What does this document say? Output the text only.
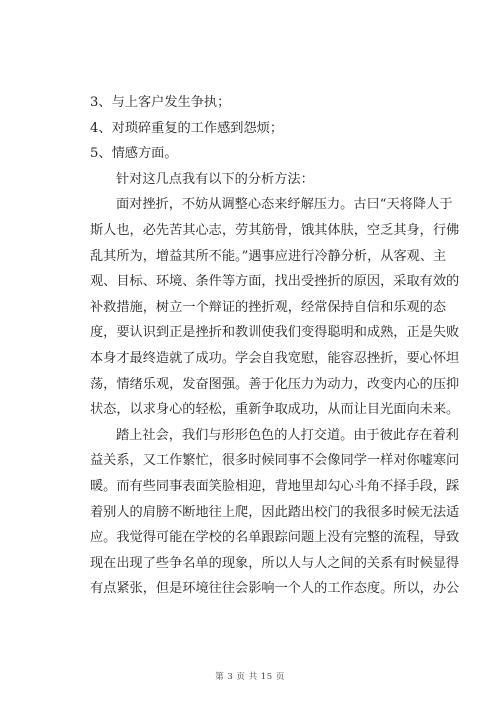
3、与上客户发生争执；
4、对琐碎重复的工作感到怨烦；
5、情感方面。
针对这几点我有以下的分析方法：
面对挫折，不妨从调整心态来纾解压力。古曰“天将降人于
斯人也，必先苦其心志，劳其筋骨，饿其体肤，空乏其身，行佛
乱其所为，增益其所不能。”遇事应进行冷静分析，从客观、主
观、目标、环境、条件等方面，找出受挫折的原因，采取有效的
补救措施，树立一个辩证的挫折观，经常保持自信和乐观的态
度，要认识到正是挫折和教训使我们变得聪明和成熟，正是失败
本身才最终造就了成功。学会自我宽慰，能容忍挫折，要心怀坦
荡，情绪乐观，发奋图强。善于化压力为动力，改变内心的压抑
状态，以求身心的轻松，重新争取成功，从而让目光面向未来。
踏上社会，我们与形形色色的人打交道。由于彼此存在着利
益关系，又工作繁忙，很多时候同事不会像同学一样对你嘘寒问
暖。而有些同事表面笑脸相迎，背地里却勾心斗角不择手段，踩
着别人的肩膀不断地往上爬，因此踏出校门的我很多时候无法适
应。我觉得可能在学校的名单跟踪问题上没有完整的流程，导致
现在出现了些争名单的现象，所以人与人之间的关系有时候显得
有点紧张，但是环境往往会影响一个人的工作态度。所以，办公
第 3 页 共 15 页
